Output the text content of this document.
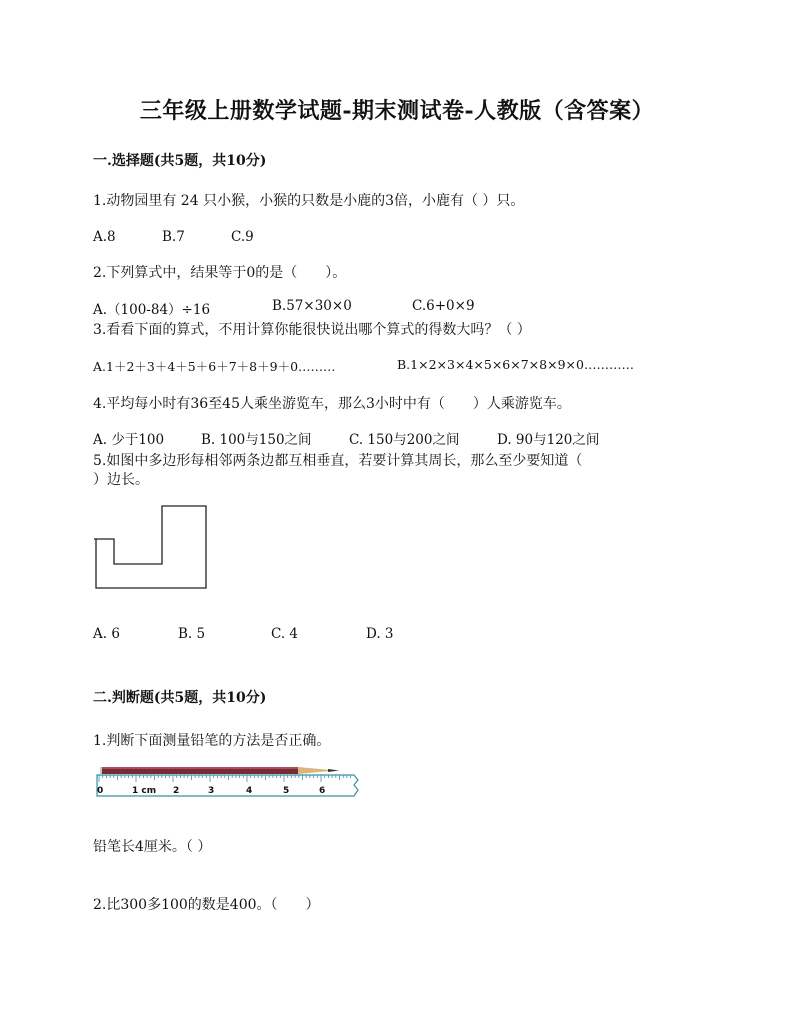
三年级上册数学试题-期末测试卷-人教版（含答案）
一.选择题(共5题，共10分)
1.动物园里有 24 只小猴，小猴的只数是小鹿的3倍，小鹿有（ ）只。
A.8	B.7	C.9
2.下列算式中，结果等于0的是（　　）。
A.（100-84）÷16	B.57×30×0	C.6+0×9
3.看看下面的算式，不用计算你能很快说出哪个算式的得数大吗？（ ）
A.1＋2＋3＋4＋5＋6＋7＋8＋9＋0………	B.1×2×3×4×5×6×7×8×9×0…………
4.平均每小时有36至45人乘坐游览车，那么3小时中有（　　）人乘游览车。
A. 少于100	B. 100与150之间	C. 150与200之间	D. 90与120之间
5.如图中多边形每相邻两条边都互相垂直，若要计算其周长，那么至少要知道（
）边长。
A. 6	B. 5	C. 4	D. 3
二.判断题(共5题，共10分)
1.判断下面测量铅笔的方法是否正确。
0	1 cm 2	3	4	5	6
铅笔长4厘米。（ ）
2.比300多100的数是400。（　　）
